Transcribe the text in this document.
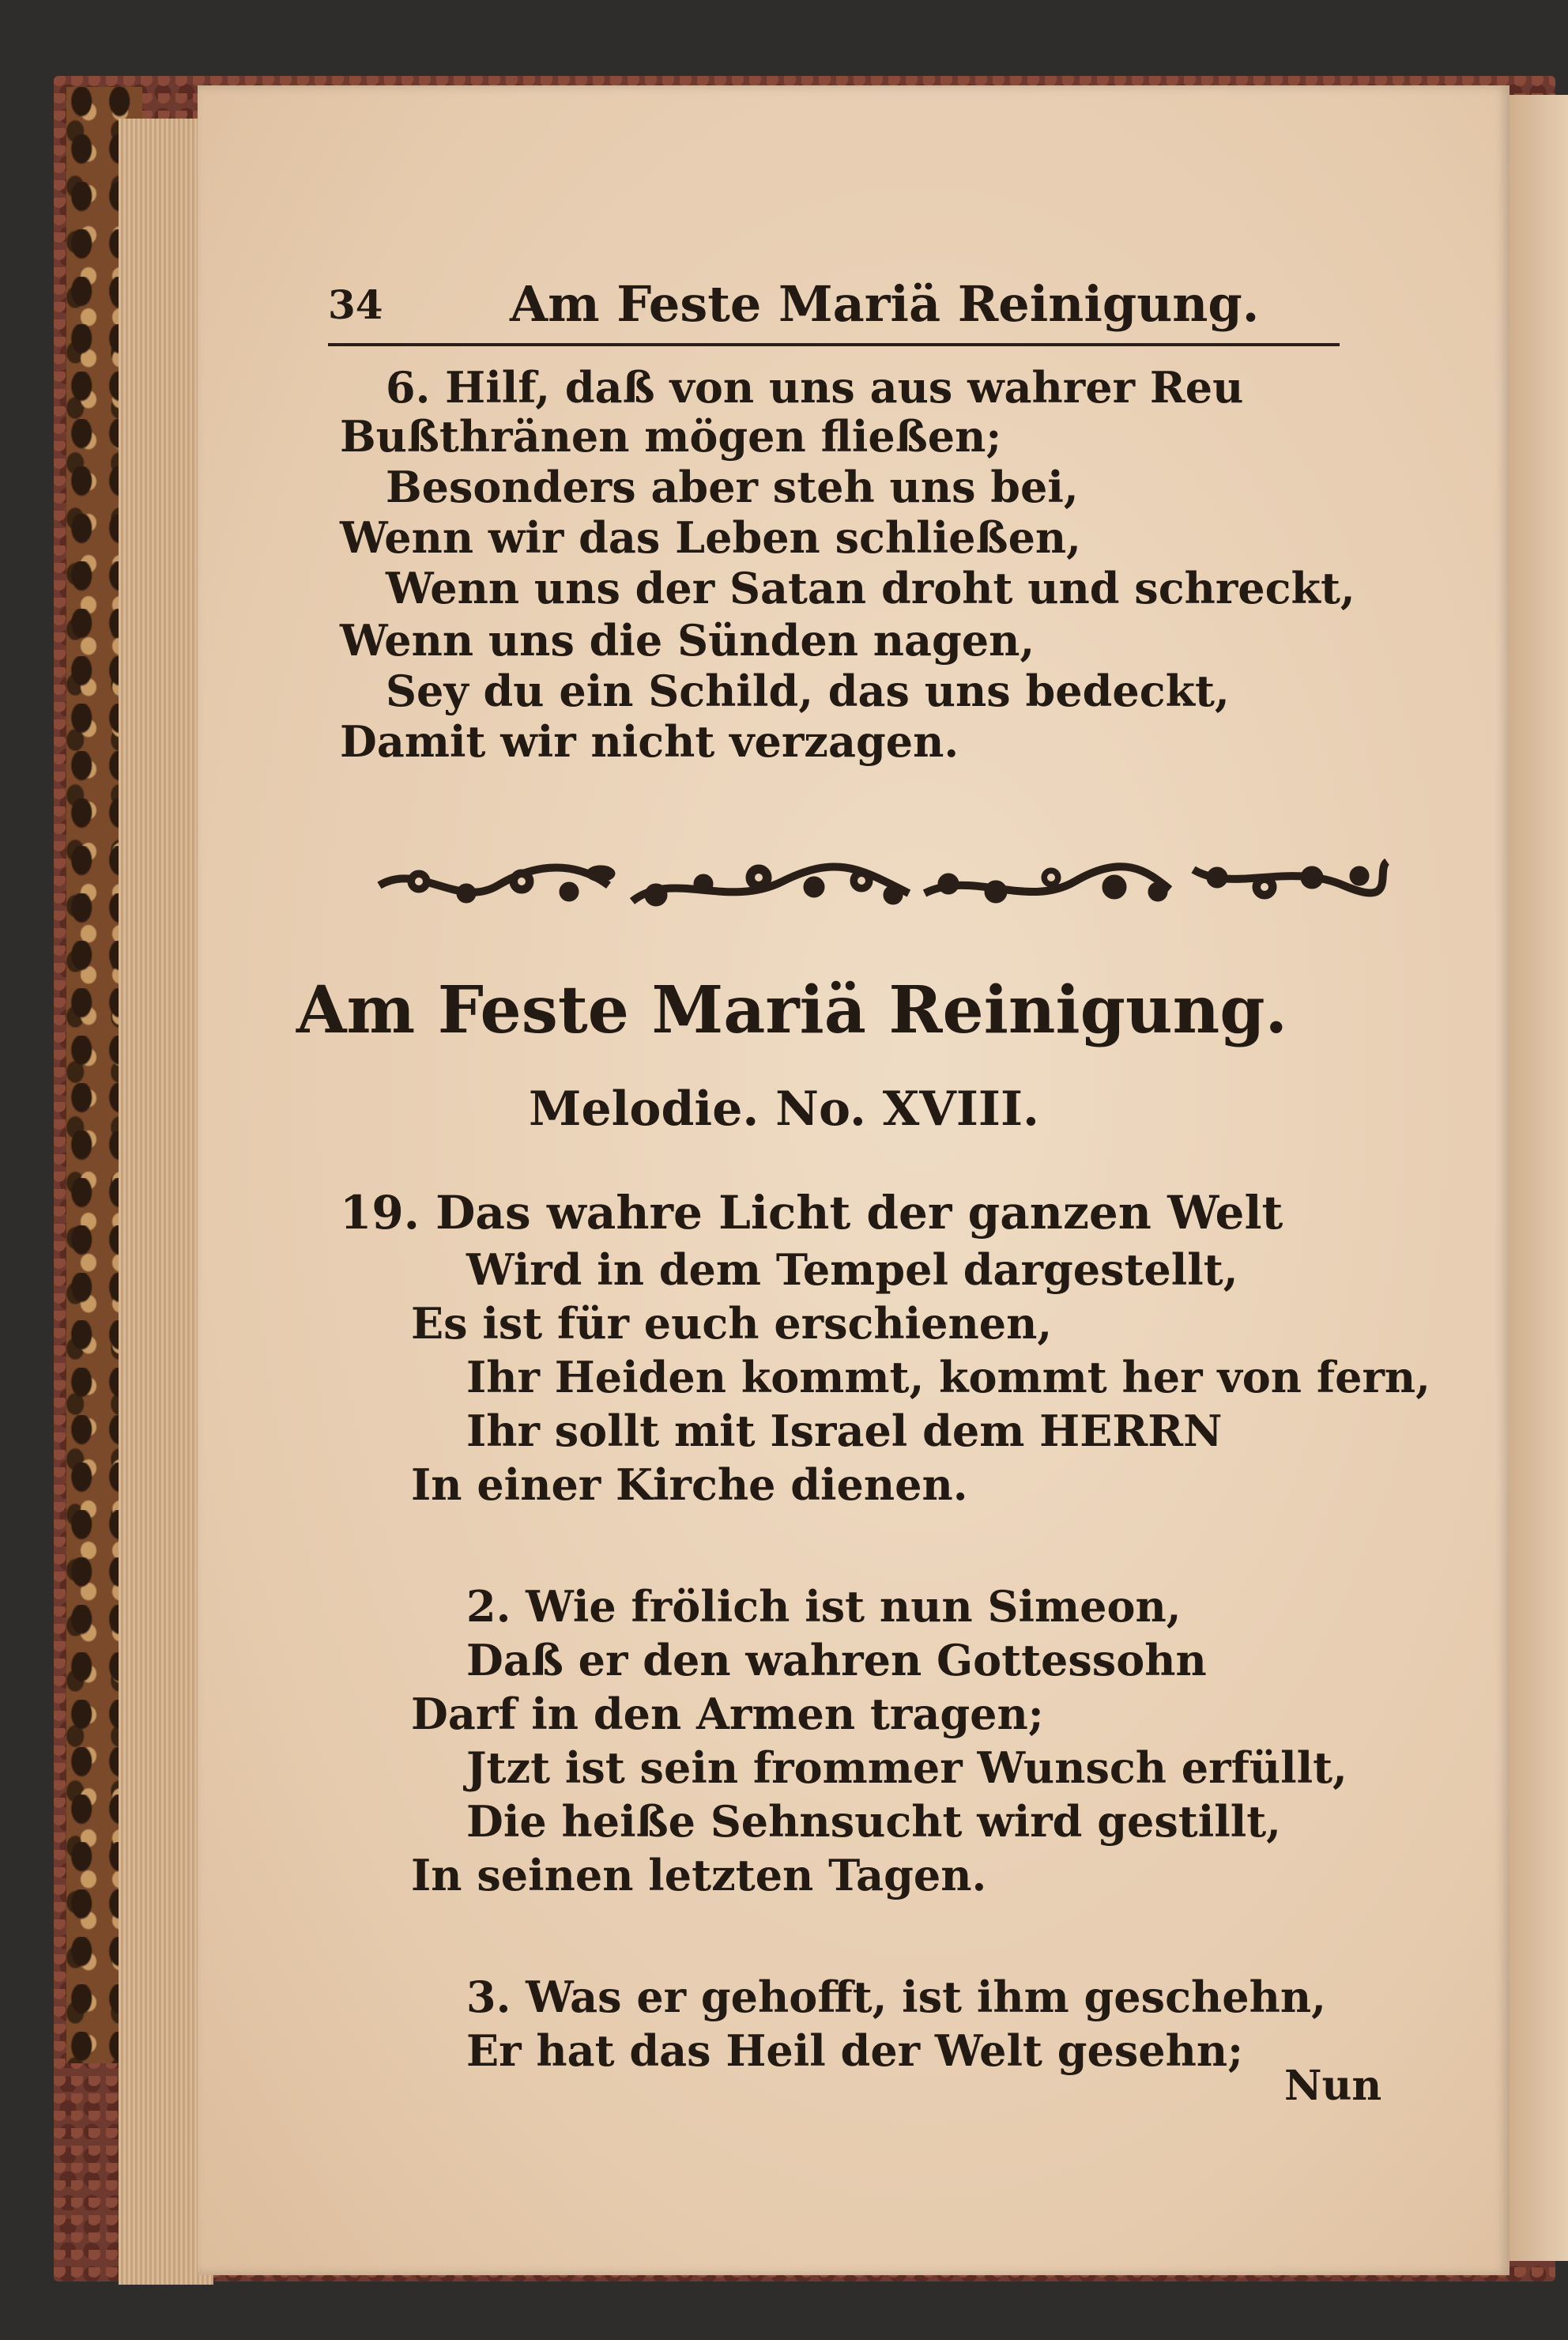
34	Am Feste Mariä Reinigung.
6. Hilf, daß von uns aus wahrer Reu
Bußthränen mögen fließen;
Besonders aber steh uns bei,
Wenn wir das Leben schließen,
Wenn uns der Satan droht und schreckt,
Wenn uns die Sünden nagen,
Sey du ein Schild, das uns bedeckt,
Damit wir nicht verzagen.
Am Feste Mariä Reinigung.
Melodie. No. XVIII.
19. Das wahre Licht der ganzen Welt
Wird in dem Tempel dargestellt,
Es ist für euch erschienen,
Ihr Heiden kommt, kommt her von fern,
Ihr sollt mit Israel dem HERRN
In einer Kirche dienen.
2. Wie frölich ist nun Simeon,
Daß er den wahren Gottessohn
Darf in den Armen tragen;
Jtzt ist sein frommer Wunsch erfüllt,
Die heiße Sehnsucht wird gestillt,
In seinen letzten Tagen.
3. Was er gehofft, ist ihm geschehn,
Er hat das Heil der Welt gesehn;
Nun
